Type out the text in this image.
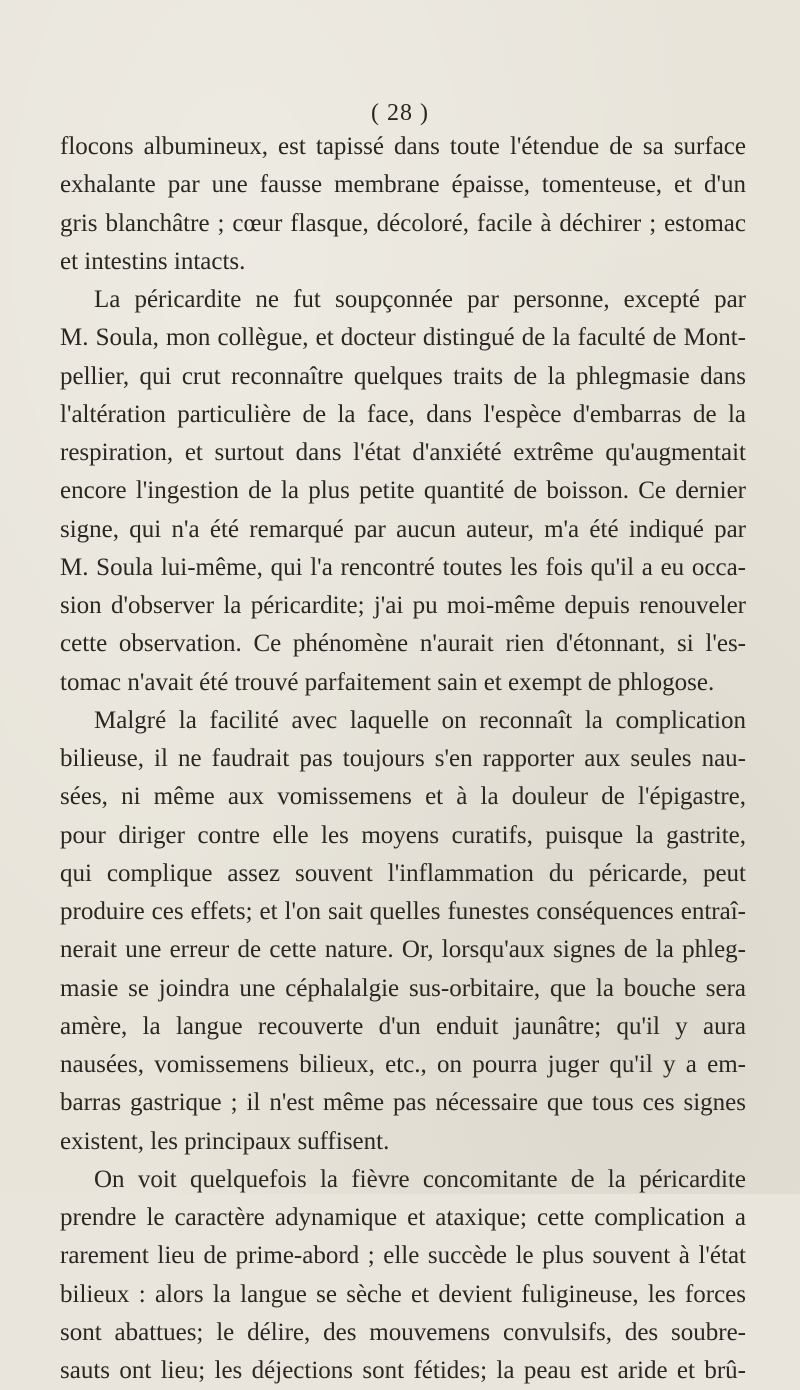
( 28 )
flocons albumineux, est tapissé dans toute l'étendue de sa surface
exhalante par une fausse membrane épaisse, tomenteuse, et d'un
gris blanchâtre ; cœur flasque, décoloré, facile à déchirer ; estomac
et intestins intacts.
La péricardite ne fut soupçonnée par personne, excepté par
M. Soula, mon collègue, et docteur distingué de la faculté de Mont-
pellier, qui crut reconnaître quelques traits de la phlegmasie dans
l'altération particulière de la face, dans l'espèce d'embarras de la
respiration, et surtout dans l'état d'anxiété extrême qu'augmentait
encore l'ingestion de la plus petite quantité de boisson. Ce dernier
signe, qui n'a été remarqué par aucun auteur, m'a été indiqué par
M. Soula lui-même, qui l'a rencontré toutes les fois qu'il a eu occa-
sion d'observer la péricardite; j'ai pu moi-même depuis renouveler
cette observation. Ce phénomène n'aurait rien d'étonnant, si l'es-
tomac n'avait été trouvé parfaitement sain et exempt de phlogose.
Malgré la facilité avec laquelle on reconnaît la complication
bilieuse, il ne faudrait pas toujours s'en rapporter aux seules nau-
sées, ni même aux vomissemens et à la douleur de l'épigastre,
pour diriger contre elle les moyens curatifs, puisque la gastrite,
qui complique assez souvent l'inflammation du péricarde, peut
produire ces effets; et l'on sait quelles funestes conséquences entraî-
nerait une erreur de cette nature. Or, lorsqu'aux signes de la phleg-
masie se joindra une céphalalgie sus-orbitaire, que la bouche sera
amère, la langue recouverte d'un enduit jaunâtre; qu'il y aura
nausées, vomissemens bilieux, etc., on pourra juger qu'il y a em-
barras gastrique ; il n'est même pas nécessaire que tous ces signes
existent, les principaux suffisent.
On voit quelquefois la fièvre concomitante de la péricardite
prendre le caractère adynamique et ataxique; cette complication a
rarement lieu de prime-abord ; elle succède le plus souvent à l'état
bilieux : alors la langue se sèche et devient fuligineuse, les forces
sont abattues; le délire, des mouvemens convulsifs, des soubre-
sauts ont lieu; les déjections sont fétides; la peau est aride et brû-
